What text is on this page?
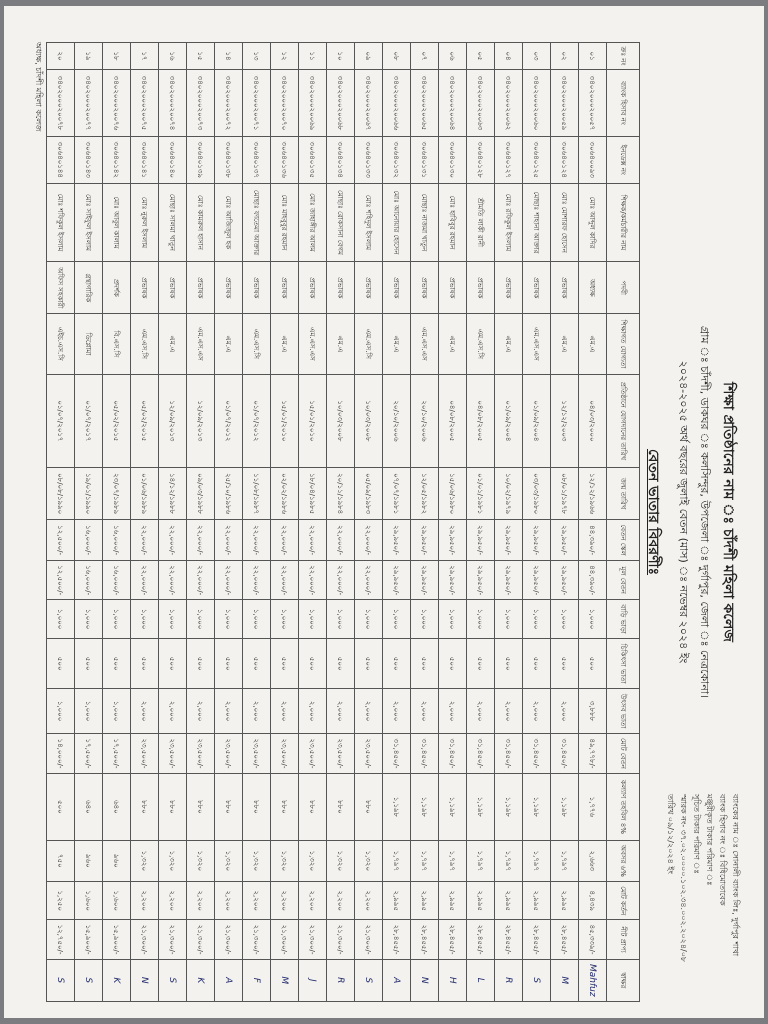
শিক্ষা প্রতিষ্ঠানের নাম ঃ চাঁদশী মহিলা কলেজ
গ্রাম ঃ চাঁদশী, ডাকঘর ঃ কলসিন্দুর, উপজেলা ঃ দুর্গাপুর, জেলা ঃ নেত্রকোনা।
২০২৪-২০২৫ অর্থ বছরের জুলাই বেতন (মাস) ঃ নভেম্বর ২০২৪ ইং
বেতন ভাতার বিবরণীঃ
ব্যাংকের নাম ঃ সোনালী ব্যাংক লিঃ, দুর্গাপুর শাখা
ব্যাংক হিসাব নং ঃ বিধিমোতাবেক
মঞ্জুরীকৃত টাকার পরিমাণ ঃ
সূচিত টাকার পরিমাণ ঃ
স্মারক নং- ৩৭.০২.০০০০.১০২.৩৪.০০২.২০২৪/০৮
তারিখ ০৯/১২/২০২৪ ইং
ক্রঃ নং	ব্যাংক হিসাব নং	ইনডেক্স নং	শিক্ষক/কর্মচারীর নাম	পদবী	শিক্ষাগত যোগ্যতা	প্রতিষ্ঠানে যোগদানের তারিখ	জন্ম তারিখ	বেতন স্কেল	মূল বেতন	বাড়ি ভাড়া	চিকিৎসা ভাতা	উৎসব ভাতা	মোট বেতন	কল্যাণ তহবিল ৪%	অবসর ৬%	মোট কর্তন	নীট প্রাপ্য	স্বাক্ষর
০১	৩৪০২০০০২০০৫৭	৩০৬৪০০৯৩	মোঃ আব্দুল কাদির	অধ্যক্ষ	এম.এ	০৪/০৩/২০০০	১২/১২/১৯৬৬	৪৪,৩৯০/-	৪৪,৩৯০/-	১,০০০	৫০০	৩,৮৮৮	৪৯,৭৭৮/-	১,৭৭৬	২,৬৬৩	৪,৪৩৯	৪৫,৩৩৯/-	Mahfuz
০২	৩৪০২০০০২০০৫৯	৩০৬৪০১২৪	মোঃ মোশারফ হোসেন	প্রভাষক	এম.এ	১২/১২/২০০৩	০৮/০১/১৯৭৮	২৯,৯৫০/-	২৯,৯৫০/-	১,০০০	৫০০	২,০০০	৩১,৪৫০/-	১,১৯৮	১,৭৯৭	২,৯৯৫	২৮,৪৫৫/-	M
০৩	৩৪০২০০০২০০৬০	৩০৬৪০১২৫	মোছাঃ শাহানা আক্তার	প্রভাষক	এম.এস.এস	০১/০৯/২০০৪	০৩/০৩/১৯৮০	২৯,৯৫০/-	২৯,৯৫০/-	১,০০০	৫০০	২,০০০	৩১,৪৫০/-	১,১৯৮	১,৭৯৭	২,৯৯৫	২৮,৪৫৫/-	S
০৪	৩৪০২০০০২০০৬২	৩০৬৪০১২৭	মোঃ রফিকুল ইসলাম	প্রভাষক	এম.এ	০১/০৯/২০০৪	১০/০২/১৯৭৯	২৯,৯৫০/-	২৯,৯৫০/-	১,০০০	৫০০	২,০০০	৩১,৪৫০/-	১,১৯৮	১,৭৯৭	২,৯৯৫	২৮,৪৫৫/-	R
০৫	৩৪০২০০০২০০৬৩	৩০৬৪০১২৮	শ্রীমতি লাকী রানী	প্রভাষক	এম.এস.সি	০৪/০৮/২০০৫	০১/০১/১৯৮১	২৯,৯৫০/-	২৯,৯৫০/-	১,০০০	৫০০	২,০০০	৩১,৪৫০/-	১,১৯৮	১,৭৯৭	২,৯৯৫	২৮,৪৫৫/-	L
০৬	৩৪০২০০০২০০৬৪	৩০৬৪০১৩০	মোঃ হাবিবুর রহমান	প্রভাষক	এম.এ	০৪/০৮/২০০৫	১৫/০৬/১৯৮০	২৯,৯৫০/-	২৯,৯৫০/-	১,০০০	৫০০	২,০০০	৩১,৪৫০/-	১,১৯৮	১,৭৯৭	২,৯৯৫	২৮,৪৫৫/-	H
০৭	৩৪০২০০০২০০৬৫	৩০৬৪০১৩১	মোছাঃ নাজমা খাতুন	প্রভাষক	এম.এস.এস	২০/১০/২০০৬	১২/০৫/১৯৮২	২৯,৯৫০/-	২৯,৯৫০/-	১,০০০	৫০০	২,০০০	৩১,৪৫০/-	১,১৯৮	১,৭৯৭	২,৯৯৫	২৮,৪৫৫/-	N
০৮	৩৪০২০০০২০০৬৬	৩০৬৪০১৩২	মোঃ আনোয়ার হোসেন	প্রভাষক	এম.এ	২০/১০/২০০৬	০৭/০৭/১৯৮১	২৯,৯৫০/-	২৯,৯৫০/-	১,০০০	৫০০	২,০০০	৩১,৪৫০/-	১,১৯৮	১,৭৯৭	২,৯৯৫	২৮,৪৫৫/-	A
০৯	৩৪০২০০০২০০৬৭	৩০৬৪০১৩৩	মোঃ শহিদুল ইসলাম	প্রভাষক	এম.এস.সি	১০/০৩/২০০৮	০৫/০৯/১৯৮৩	২২,০০০/-	২২,০০০/-	১,০০০	৫০০	২,০০০	২৩,৫০০/-	৮৮০	১,৩২০	২,২০০	২১,৩০০/-	S
১০	৩৪০২০০০২০০৬৮	৩০৬৪০১৩৪	মোছাঃ রোকসানা বেগম	প্রভাষক	এম.এ	১০/০৩/২০০৮	২০/১১/১৯৮৪	২২,০০০/-	২২,০০০/-	১,০০০	৫০০	২,০০০	২৩,৫০০/-	৮৮০	১,৩২০	২,২০০	২১,৩০০/-	R
১১	৩৪০২০০০২০০৬৯	৩০৬৪০১৩৫	মোঃ জাহাঙ্গীর আলম	প্রভাষক	এম.এস.এস	১৫/০১/২০১০	১৮/০৪/১৯৮৫	২২,০০০/-	২২,০০০/-	১,০০০	৫০০	২,০০০	২৩,৫০০/-	৮৮০	১,৩২০	২,২০০	২১,৩০০/-	J
১২	৩৪০২০০০২০০৭০	৩০৬৪০১৩৬	মোঃ মাহবুবুর রহমান	প্রভাষক	এম.এ	১৫/০১/২০১০	০২/০২/১৯৮৬	২২,০০০/-	২২,০০০/-	১,০০০	৫০০	২,০০০	২৩,৫০০/-	৮৮০	১,৩২০	২,২০০	২১,৩০০/-	M
১৩	৩৪০২০০০২০০৭১	৩০৬৪০১৩৭	মোছাঃ ফাতেমা আক্তার	প্রভাষক	এম.এস.সি	০১/০৭/২০১২	১১/০৮/১৯৮৭	২২,০০০/-	২২,০০০/-	১,০০০	৫০০	২,০০০	২৩,৫০০/-	৮৮০	১,৩২০	২,২০০	২১,৩০০/-	F
১৪	৩৪০২০০০২০০৭২	৩০৬৪০১৩৮	মোঃ আজিজুল হক	প্রভাষক	এম.এ	০১/০৭/২০১২	২৫/১০/১৯৮৬	২২,০০০/-	২২,০০০/-	১,০০০	৫০০	২,০০০	২৩,৫০০/-	৮৮০	১,৩২০	২,২০০	২১,৩০০/-	A
১৫	৩৪০২০০০২০০৭৩	৩০৬৪০১৩৯	মোঃ কামরুল হাসান	প্রভাষক	এম.এস.এস	১২/০৯/২০১৩	০৯/০৩/১৯৮৮	২২,০০০/-	২২,০০০/-	১,০০০	৫০০	২,০০০	২৩,৫০০/-	৮৮০	১,৩২০	২,২০০	২১,৩০০/-	K
১৬	৩৪০২০০০২০০৭৪	৩০৬৪০১৪০	মোছাঃ সালমা খাতুন	প্রভাষক	এম.এ	১২/০৯/২০১৩	১৪/১২/১৯৮৮	২২,০০০/-	২২,০০০/-	১,০০০	৫০০	২,০০০	২৩,৫০০/-	৮৮০	১,৩২০	২,২০০	২১,৩০০/-	S
১৭	৩৪০২০০০২০০৭৫	৩০৬৪০১৪১	মোঃ নুরুল ইসলাম	প্রভাষক	এম.এস.সি	০৫/০২/২০১৫	০১/০৬/১৯৮৯	২২,০০০/-	২২,০০০/-	১,০০০	৫০০	২,০০০	২৩,৫০০/-	৮৮০	১,৩২০	২,২০০	২১,৩০০/-	N
১৮	৩৪০২০০০২০০৭৬	৩০৬৪০১৪২	মোঃ আবুল কালাম	প্রদর্শক	বি.এস.সি	০৫/০২/২০১৫	২৩/০৭/১৯৮৯	১৬,০০০/-	১৬,০০০/-	১,০০০	৫০০	১,০০০	১৭,৫০০/-	৬৪০	৯৬০	১,৬০০	১৫,৯০০/-	K
১৯	৩৪০২০০০২০০৭৭	৩০৬৪০১৪৩	মোঃ সাইফুল ইসলাম	গ্রন্থাগারিক	ডিপ্লোমা	০১/০৭/২০১৭	১৯/০১/১৯৯০	১৬,০০০/-	১৬,০০০/-	১,০০০	৫০০	১,০০০	১৭,৫০০/-	৬৪০	৯৬০	১,৬০০	১৫,৯০০/-	S
২০	৩৪০২০০০২০০৭৮	৩০৬৪০১৪৪	মোঃ শফিকুল ইসলাম	অফিস সহকারী	এইচ.এস.সি	০১/০৭/২০১৭	০৮/০৮/১৯৯০	১২,৫০০/-	১২,৫০০/-	১,০০০	৫০০	১,০০০	১৪,০০০/-	৫০০	৭৫০	১,২৫০	১২,৭৫০/-	S
অধ্যক্ষ, চাঁদশী মহিলা কলেজ
